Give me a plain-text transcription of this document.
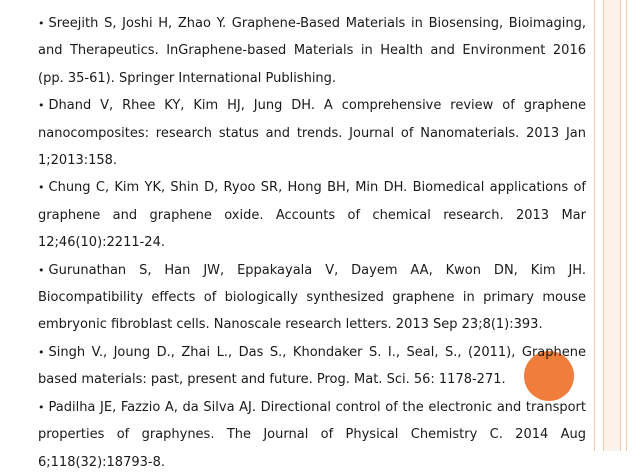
• Sreejith S, Joshi H, Zhao Y. Graphene-Based Materials in Biosensing, Bioimaging, and Therapeutics. InGraphene-based Materials in Health and Environment 2016 (pp. 35-61). Springer International Publishing.
• Dhand V, Rhee KY, Kim HJ, Jung DH. A comprehensive review of graphene nanocomposites: research status and trends. Journal of Nanomaterials. 2013 Jan 1;2013:158.
• Chung C, Kim YK, Shin D, Ryoo SR, Hong BH, Min DH. Biomedical applications of graphene and graphene oxide. Accounts of chemical research. 2013 Mar 12;46(10):2211-24.
• Gurunathan S, Han JW, Eppakayala V, Dayem AA, Kwon DN, Kim JH. Biocompatibility effects of biologically synthesized graphene in primary mouse embryonic fibroblast cells. Nanoscale research letters. 2013 Sep 23;8(1):393.
• Singh V., Joung D., Zhai L., Das S., Khondaker S. I., Seal, S., (2011), Graphene based materials: past, present and future. Prog. Mat. Sci. 56: 1178-271.
• Padilha JE, Fazzio A, da Silva AJ. Directional control of the electronic and transport properties of graphynes. The Journal of Physical Chemistry C. 2014 Aug 6;118(32):18793-8.
